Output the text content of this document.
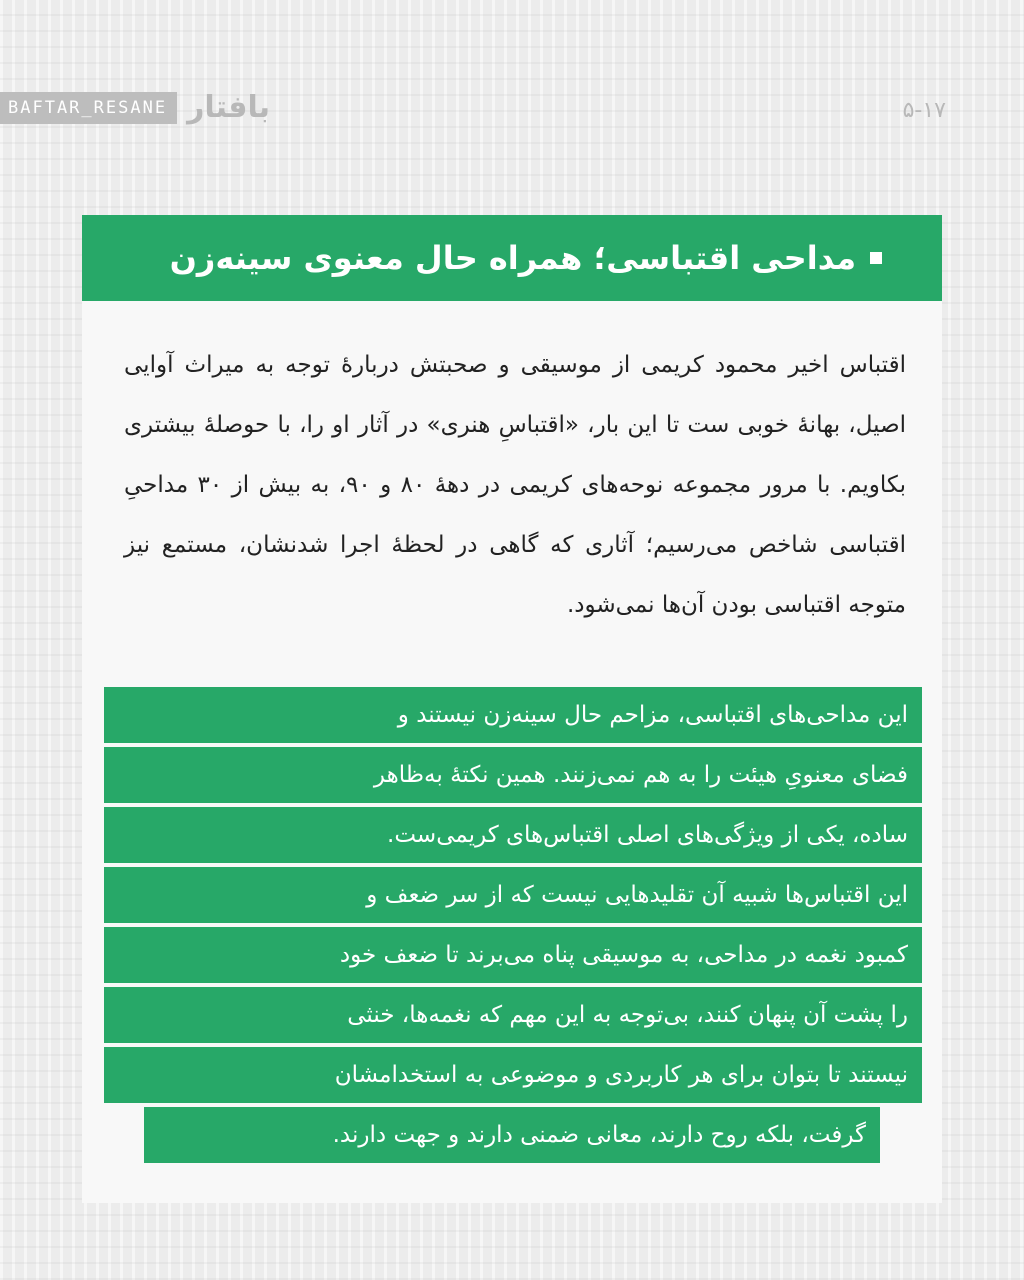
BAFTAR_RESANE بافتار	۵-۱۷
مداحی اقتباسی؛ همراه حال معنوی سینه‌زن
اقتباس اخیر محمود کریمی از موسیقی و صحبتش دربارهٔ توجه به میراث آوایی اصیل، بهانهٔ خوبی ست تا این بار، «اقتباسِ هنری» در آثار او را، با حوصلهٔ بیشتری بکاویم. با مرور مجموعه نوحه‌های کریمی در دههٔ ۸۰ و ۹۰، به بیش از ۳۰ مداحیِ اقتباسی شاخص می‌رسیم؛ آثاری که گاهی در لحظهٔ اجرا شدنشان، مستمع نیز متوجه اقتباسی بودن آن‌ها نمی‌شود.
این مداحی‌های اقتباسی، مزاحم حال سینه‌زن نیستند و
فضای معنویِ هیئت را به هم نمی‌زنند. همین نکتهٔ به‌ظاهر
ساده، یکی از ویژگی‌های اصلی اقتباس‌های کریمی‌ست.
این اقتباس‌ها شبیه آن تقلیدهایی نیست که از سر ضعف و
کمبود نغمه در مداحی، به موسیقی پناه می‌برند تا ضعف خود
را پشت آن پنهان کنند، بی‌توجه به این مهم که نغمه‌ها، خنثی
نیستند تا بتوان برای هر کاربردی و موضوعی به استخدامشان
گرفت، بلکه روح دارند، معانی ضمنی دارند و جهت دارند.
